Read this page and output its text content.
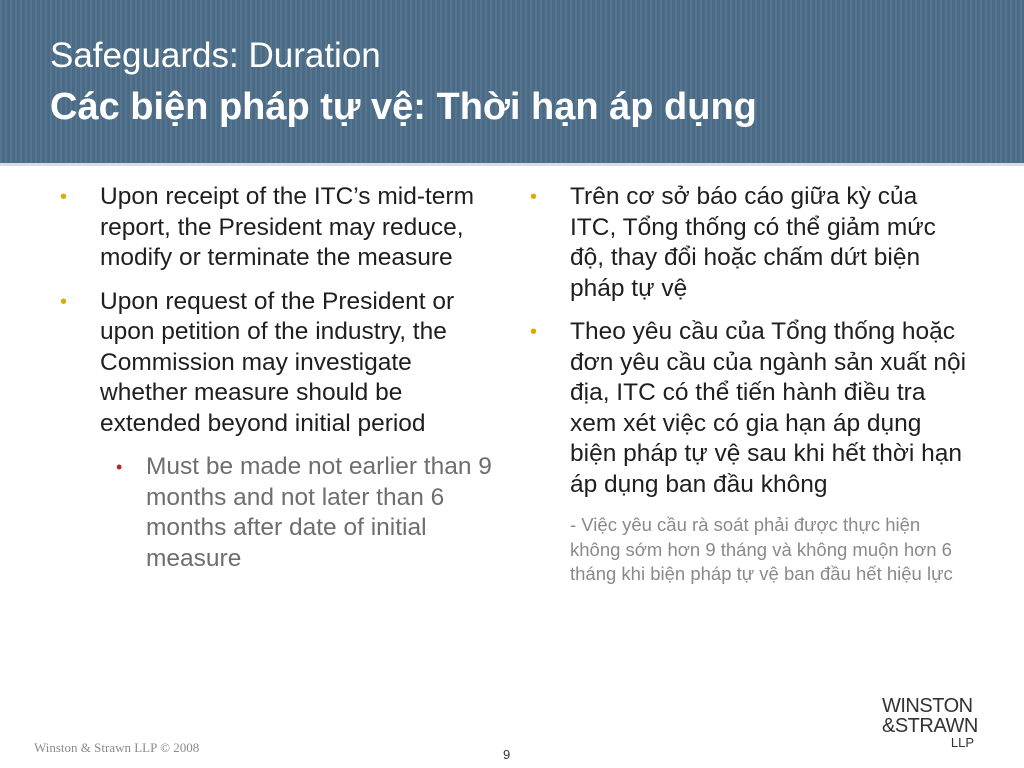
Safeguards: Duration
Các biện pháp tự vệ: Thời hạn áp dụng
• Upon receipt of the ITC’s mid-term report, the President may reduce, modify or terminate the measure
• Upon request of the President or upon petition of the industry, the Commission may investigate whether measure should be extended beyond initial period
• Must be made not earlier than 9 months and not later than 6 months after date of initial measure
• Trên cơ sở báo cáo giữa kỳ của ITC, Tổng thống có thể giảm mức độ, thay đổi hoặc chấm dứt biện pháp tự vệ
• Theo yêu cầu của Tổng thống hoặc đơn yêu cầu của ngành sản xuất nội địa, ITC có thể tiến hành điều tra xem xét việc có gia hạn áp dụng biện pháp tự vệ sau khi hết thời hạn áp dụng ban đầu không
- Việc yêu cầu rà soát phải được thực hiện không sớm hơn 9 tháng và không muộn hơn 6 tháng khi biện pháp tự vệ ban đầu hết hiệu lực
Winston & Strawn LLP © 2008	9
WINSTON
&STRAWN
LLP
